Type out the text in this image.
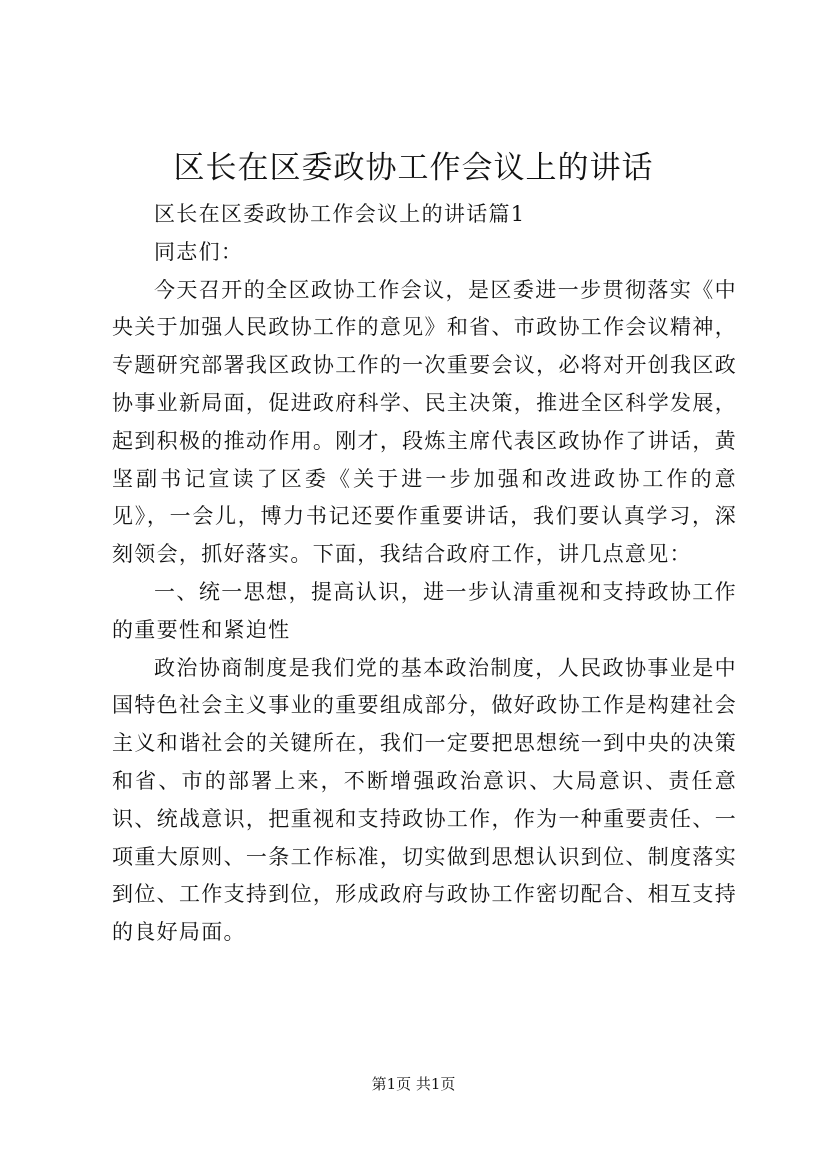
区长在区委政协工作会议上的讲话

区长在区委政协工作会议上的讲话篇1

同志们：

今天召开的全区政协工作会议，是区委进一步贯彻落实《中央关于加强人民政协工作的意见》和省、市政协工作会议精神，专题研究部署我区政协工作的一次重要会议，必将对开创我区政协事业新局面，促进政府科学、民主决策，推进全区科学发展，起到积极的推动作用。刚才，段炼主席代表区政协作了讲话，黄坚副书记宣读了区委《关于进一步加强和改进政协工作的意见》，一会儿，博力书记还要作重要讲话，我们要认真学习，深刻领会，抓好落实。下面，我结合政府工作，讲几点意见：

一、统一思想，提高认识，进一步认清重视和支持政协工作的重要性和紧迫性

政治协商制度是我们党的基本政治制度，人民政协事业是中国特色社会主义事业的重要组成部分，做好政协工作是构建社会主义和谐社会的关键所在，我们一定要把思想统一到中央的决策和省、市的部署上来，不断增强政治意识、大局意识、责任意识、统战意识，把重视和支持政协工作，作为一种重要责任、一项重大原则、一条工作标准，切实做到思想认识到位、制度落实到位、工作支持到位，形成政府与政协工作密切配合、相互支持的良好局面。

第1页 共1页
